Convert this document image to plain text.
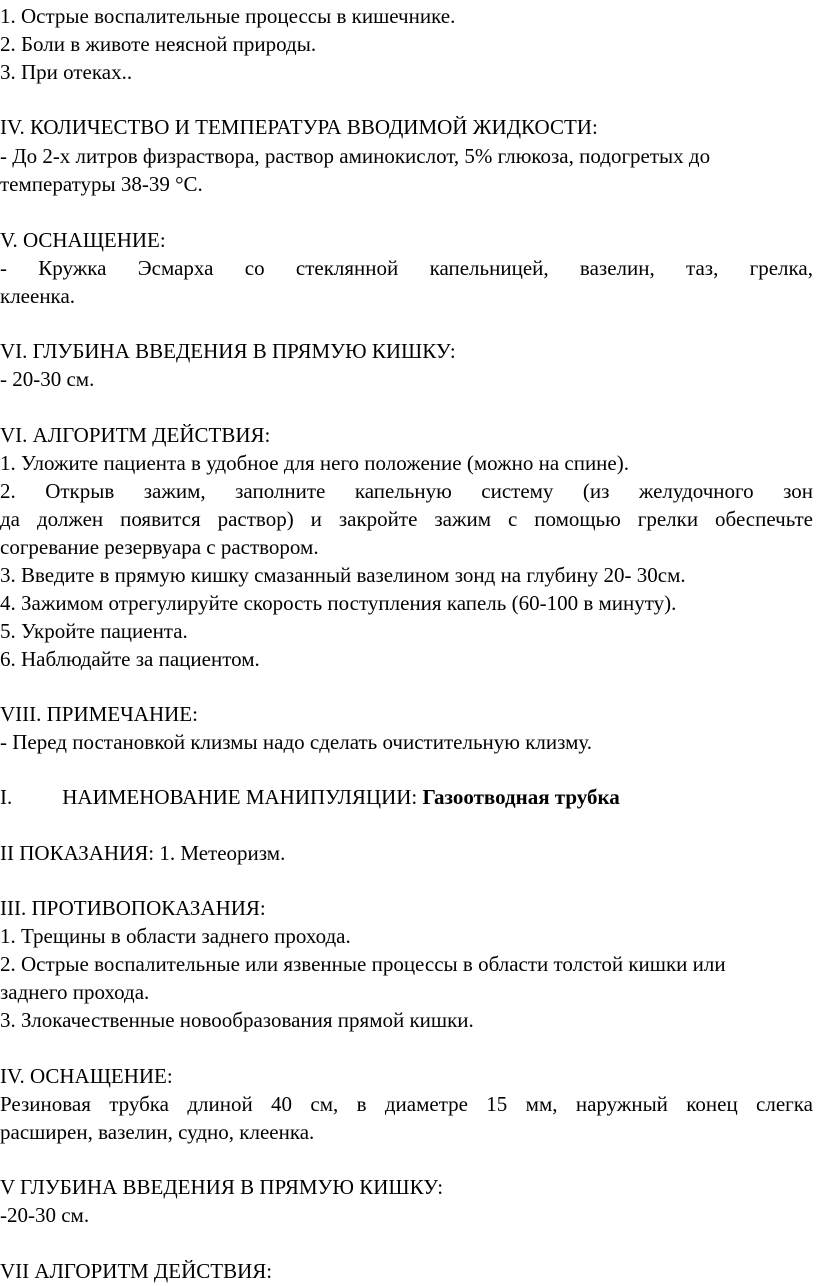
1. Острые воспалительные процессы в кишечнике.
2. Боли в животе неясной природы.
3. При отеках..
IV. КОЛИЧЕСТВО И ТЕМПЕРАТУРА ВВОДИМОЙ ЖИДКОСТИ:
- До 2-х литров физраствора, раствор аминокислот, 5% глюкоза, подогретых до
температуры 38-39 °С.
V. ОСНАЩЕНИЕ:
- Кружка Эсмарха со стеклянной капельницей, вазелин, таз, грелка,
клеенка.
VI. ГЛУБИНА ВВЕДЕНИЯ В ПРЯМУЮ КИШКУ:
- 20-30 см.
VI. АЛГОРИТМ ДЕЙСТВИЯ:
1. Уложите пациента в удобное для него положение (можно на спине).
2. Открыв зажим, заполните капельную систему (из желудочного зон
да должен появится раствор) и закройте зажим с помощью грелки обеспечьте
согревание резервуара с раствором.
3. Введите в прямую кишку смазанный вазелином зонд на глубину 20- 30см.
4. Зажимом отрегулируйте скорость поступления капель (60-100 в минуту).
5. Укройте пациента.
6. Наблюдайте за пациентом.
VIII. ПРИМЕЧАНИЕ:
- Перед постановкой клизмы надо сделать очистительную клизму.
I. НАИМЕНОВАНИЕ МАНИПУЛЯЦИИ: Газоотводная трубка
II ПОКАЗАНИЯ: 1. Метеоризм.
III. ПРОТИВОПОКАЗАНИЯ:
1. Трещины в области заднего прохода.
2. Острые воспалительные или язвенные процессы в области толстой кишки или
заднего прохода.
3. Злокачественные новообразования прямой кишки.
IV. ОСНАЩЕНИЕ:
Резиновая трубка длиной 40 см, в диаметре 15 мм, наружный конец слегка
расширен, вазелин, судно, клеенка.
V ГЛУБИНА ВВЕДЕНИЯ В ПРЯМУЮ КИШКУ:
-20-30 см.
VII АЛГОРИТМ ДЕЙСТВИЯ:
